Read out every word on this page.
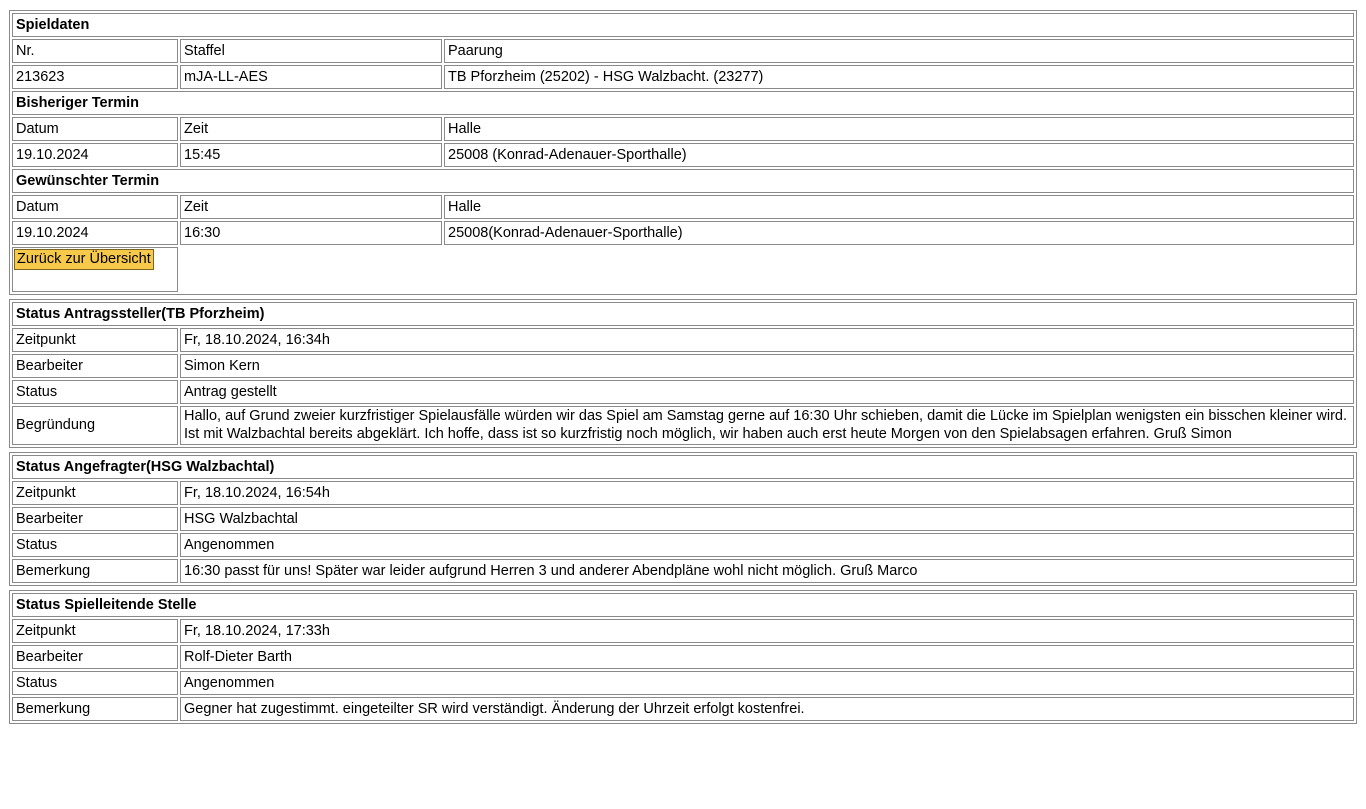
Spieldaten		
Nr.	Staffel	Paarung
213623	mJA-LL-AES	TB Pforzheim (25202) - HSG Walzbacht. (23277)
Bisheriger Termin		
Datum	Zeit	Halle
19.10.2024	15:45	25008 (Konrad-Adenauer-Sporthalle)
Gewünschter Termin		
Datum	Zeit	Halle
19.10.2024	16:30	25008(Konrad-Adenauer-Sporthalle)
Zurück zur Übersicht		
Status Antragssteller(TB Pforzheim)	
Zeitpunkt	Fr, 18.10.2024, 16:34h
Bearbeiter	Simon Kern
Status	Antrag gestellt
Begründung	Hallo, auf Grund zweier kurzfristiger Spielausfälle würden wir das Spiel am Samstag gerne auf 16:30 Uhr schieben, damit die Lücke im Spielplan wenigsten ein bisschen kleiner wird. Ist mit Walzbachtal bereits abgeklärt. Ich hoffe, dass ist so kurzfristig noch möglich, wir haben auch erst heute Morgen von den Spielabsagen erfahren. Gruß Simon
Status Angefragter(HSG Walzbachtal)	
Zeitpunkt	Fr, 18.10.2024, 16:54h
Bearbeiter	HSG Walzbachtal
Status	Angenommen
Bemerkung	16:30 passt für uns! Später war leider aufgrund Herren 3 und anderer Abendpläne wohl nicht möglich. Gruß Marco
Status Spielleitende Stelle	
Zeitpunkt	Fr, 18.10.2024, 17:33h
Bearbeiter	Rolf-Dieter Barth
Status	Angenommen
Bemerkung	Gegner hat zugestimmt. eingeteilter SR wird verständigt. Änderung der Uhrzeit erfolgt kostenfrei.
